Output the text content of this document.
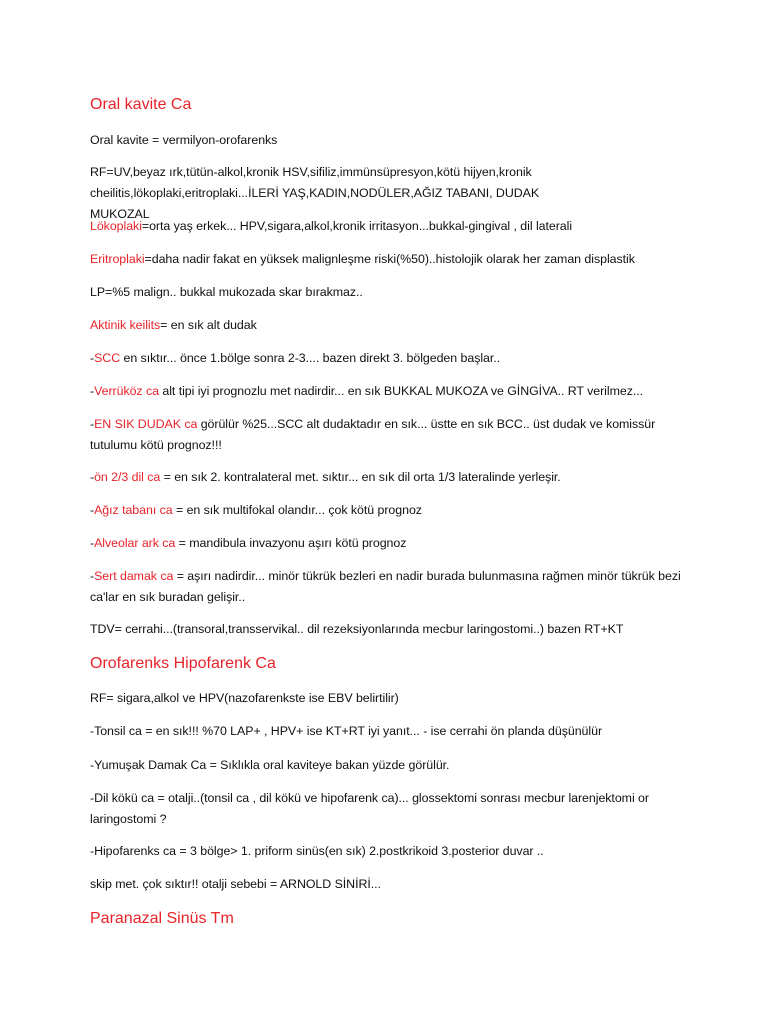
Oral kavite Ca
Oral kavite = vermilyon-orofarenks
RF=UV,beyaz ırk,tütün-alkol,kronik HSV,sifiliz,immünsüpresyon,kötü hijyen,kronik cheilitis,lökoplaki,eritroplaki...İLERİ YAŞ,KADIN,NODÜLER,AĞIZ TABANI, DUDAK MUKOZAL
Lökoplaki=orta yaş erkek... HPV,sigara,alkol,kronik irritasyon...bukkal-gingival , dil laterali
Eritroplaki=daha nadir fakat en yüksek malignleşme riski(%50)..histolojik olarak her zaman displastik
LP=%5 malign.. bukkal mukozada skar bırakmaz..
Aktinik keilits= en sık alt dudak
-SCC en sıktır... önce 1.bölge sonra 2-3.... bazen direkt 3. bölgeden başlar..
-Verrüköz ca alt tipi iyi prognozlu met nadirdir... en sık BUKKAL MUKOZA ve GİNGİVA.. RT verilmez...
-EN SIK DUDAK ca görülür %25...SCC alt dudaktadır en sık... üstte en sık BCC.. üst dudak ve komissür tutulumu kötü prognoz!!!
-ön 2/3 dil ca = en sık 2. kontralateral met. sıktır... en sık dil orta 1/3 lateralinde yerleşir.
-Ağız tabanı ca = en sık multifokal olandır... çok kötü prognoz
-Alveolar ark ca = mandibula invazyonu aşırı kötü prognoz
-Sert damak ca = aşırı nadirdir... minör tükrük bezleri en nadir burada bulunmasına rağmen minör tükrük bezi ca'lar en sık buradan gelişir..
TDV= cerrahi...(transoral,transservikal.. dil rezeksiyonlarında mecbur laringostomi..) bazen RT+KT
Orofarenks Hipofarenk Ca
RF= sigara,alkol ve HPV(nazofarenkste ise EBV belirtilir)
-Tonsil ca = en sık!!! %70 LAP+ , HPV+ ise KT+RT iyi yanıt... - ise cerrahi ön planda düşünülür
-Yumuşak Damak Ca = Sıklıkla oral kaviteye bakan yüzde görülür.
-Dil kökü ca = otalji..(tonsil ca , dil kökü ve hipofarenk ca)... glossektomi sonrası mecbur larenjektomi or laringostomi ?
-Hipofarenks ca = 3 bölge> 1. priform sinüs(en sık) 2.postkrikoid 3.posterior duvar ..
skip met. çok sıktır!! otalji sebebi = ARNOLD SİNİRİ...
Paranazal Sinüs Tm
